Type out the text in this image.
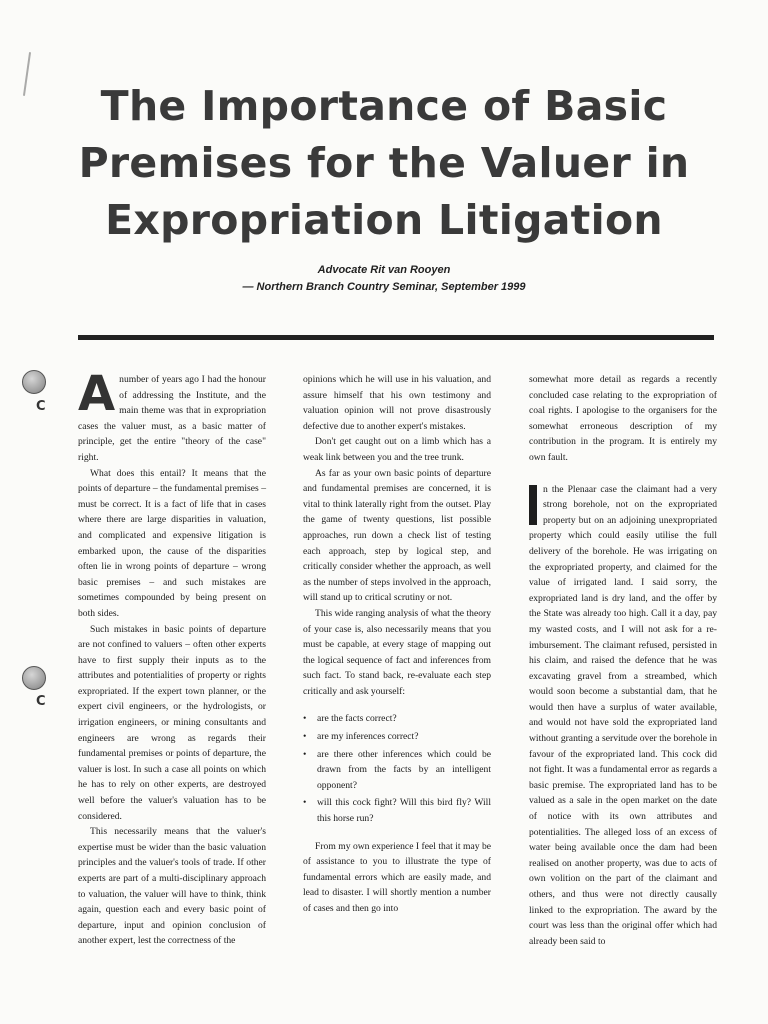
The Importance of Basic
Premises for the Valuer in
Expropriation Litigation
Advocate Rit van Rooyen
— Northern Branch Country Seminar, September 1999
C
C

Anumber of years ago I had the honour of addressing the Institute, and the main theme was that in expropriation cases the valuer must, as a basic matter of principle, get the entire "theory of the case" right.

What does this entail? It means that the points of departure – the fundamental premises – must be correct. It is a fact of life that in cases where there are large disparities in valuation, and complicated and expensive litigation is embarked upon, the cause of the disparities often lie in wrong points of departure – wrong basic premises – and such mistakes are sometimes compounded by being present on both sides.

Such mistakes in basic points of departure are not confined to valuers – often other experts have to first supply their inputs as to the attributes and potentialities of property or rights expropriated. If the expert town planner, or the expert civil engineers, or the hydrologists, or irrigation engineers, or mining consultants and engineers are wrong as regards their fundamental premises or points of departure, the valuer is lost. In such a case all points on which he has to rely on other experts, are destroyed well before the valuer's valuation has to be considered.

This necessarily means that the valuer's expertise must be wider than the basic valuation principles and the valuer's tools of trade. If other experts are part of a multi-disciplinary approach to valuation, the valuer will have to think, think again, question each and every basic point of departure, input and opinion conclusion of another expert, lest the correctness of the

opinions which he will use in his valuation, and assure himself that his own testimony and valuation opinion will not prove disastrously defective due to another expert's mistakes.

Don't get caught out on a limb which has a weak link between you and the tree trunk.

As far as your own basic points of departure and fundamental premises are concerned, it is vital to think laterally right from the outset. Play the game of twenty questions, list possible approaches, run down a check list of testing each approach, step by logical step, and critically consider whether the approach, as well as the number of steps involved in the approach, will stand up to critical scrutiny or not.

This wide ranging analysis of what the theory of your case is, also necessarily means that you must be capable, at every stage of mapping out the logical sequence of fact and inferences from such fact. To stand back, re-evaluate each step critically and ask yourself:

• are the facts correct?
• are my inferences correct?
• are there other inferences which could be drawn from the facts by an intelligent opponent?
• will this cock fight? Will this bird fly? Will this horse run?

From my own experience I feel that it may be of assistance to you to illustrate the type of fundamental errors which are easily made, and lead to disaster. I will shortly mention a number of cases and then go into

somewhat more detail as regards a recently concluded case relating to the expropriation of coal rights. I apologise to the organisers for the somewhat erroneous description of my contribution in the program. It is entirely my own fault.

n the Plenaar case the claimant had a very strong borehole, not on the expropriated property but on an adjoining unexpropriated property which could easily utilise the full delivery of the borehole. He was irrigating on the expropriated property, and claimed for the value of irrigated land. I said sorry, the expropriated land is dry land, and the offer by the State was already too high. Call it a day, pay my wasted costs, and I will not ask for a re-imbursement. The claimant refused, persisted in his claim, and raised the defence that he was excavating gravel from a streambed, which would soon become a substantial dam, that he would then have a surplus of water available, and would not have sold the expropriated land without granting a servitude over the borehole in favour of the expropriated land. This cock did not fight. It was a fundamental error as regards a basic premise. The expropriated land has to be valued as a sale in the open market on the date of notice with its own attributes and potentialities. The alleged loss of an excess of water being available once the dam had been realised on another property, was due to acts of own volition on the part of the claimant and others, and thus were not directly causally linked to the expropriation. The award by the court was less than the original offer which had already been said to
